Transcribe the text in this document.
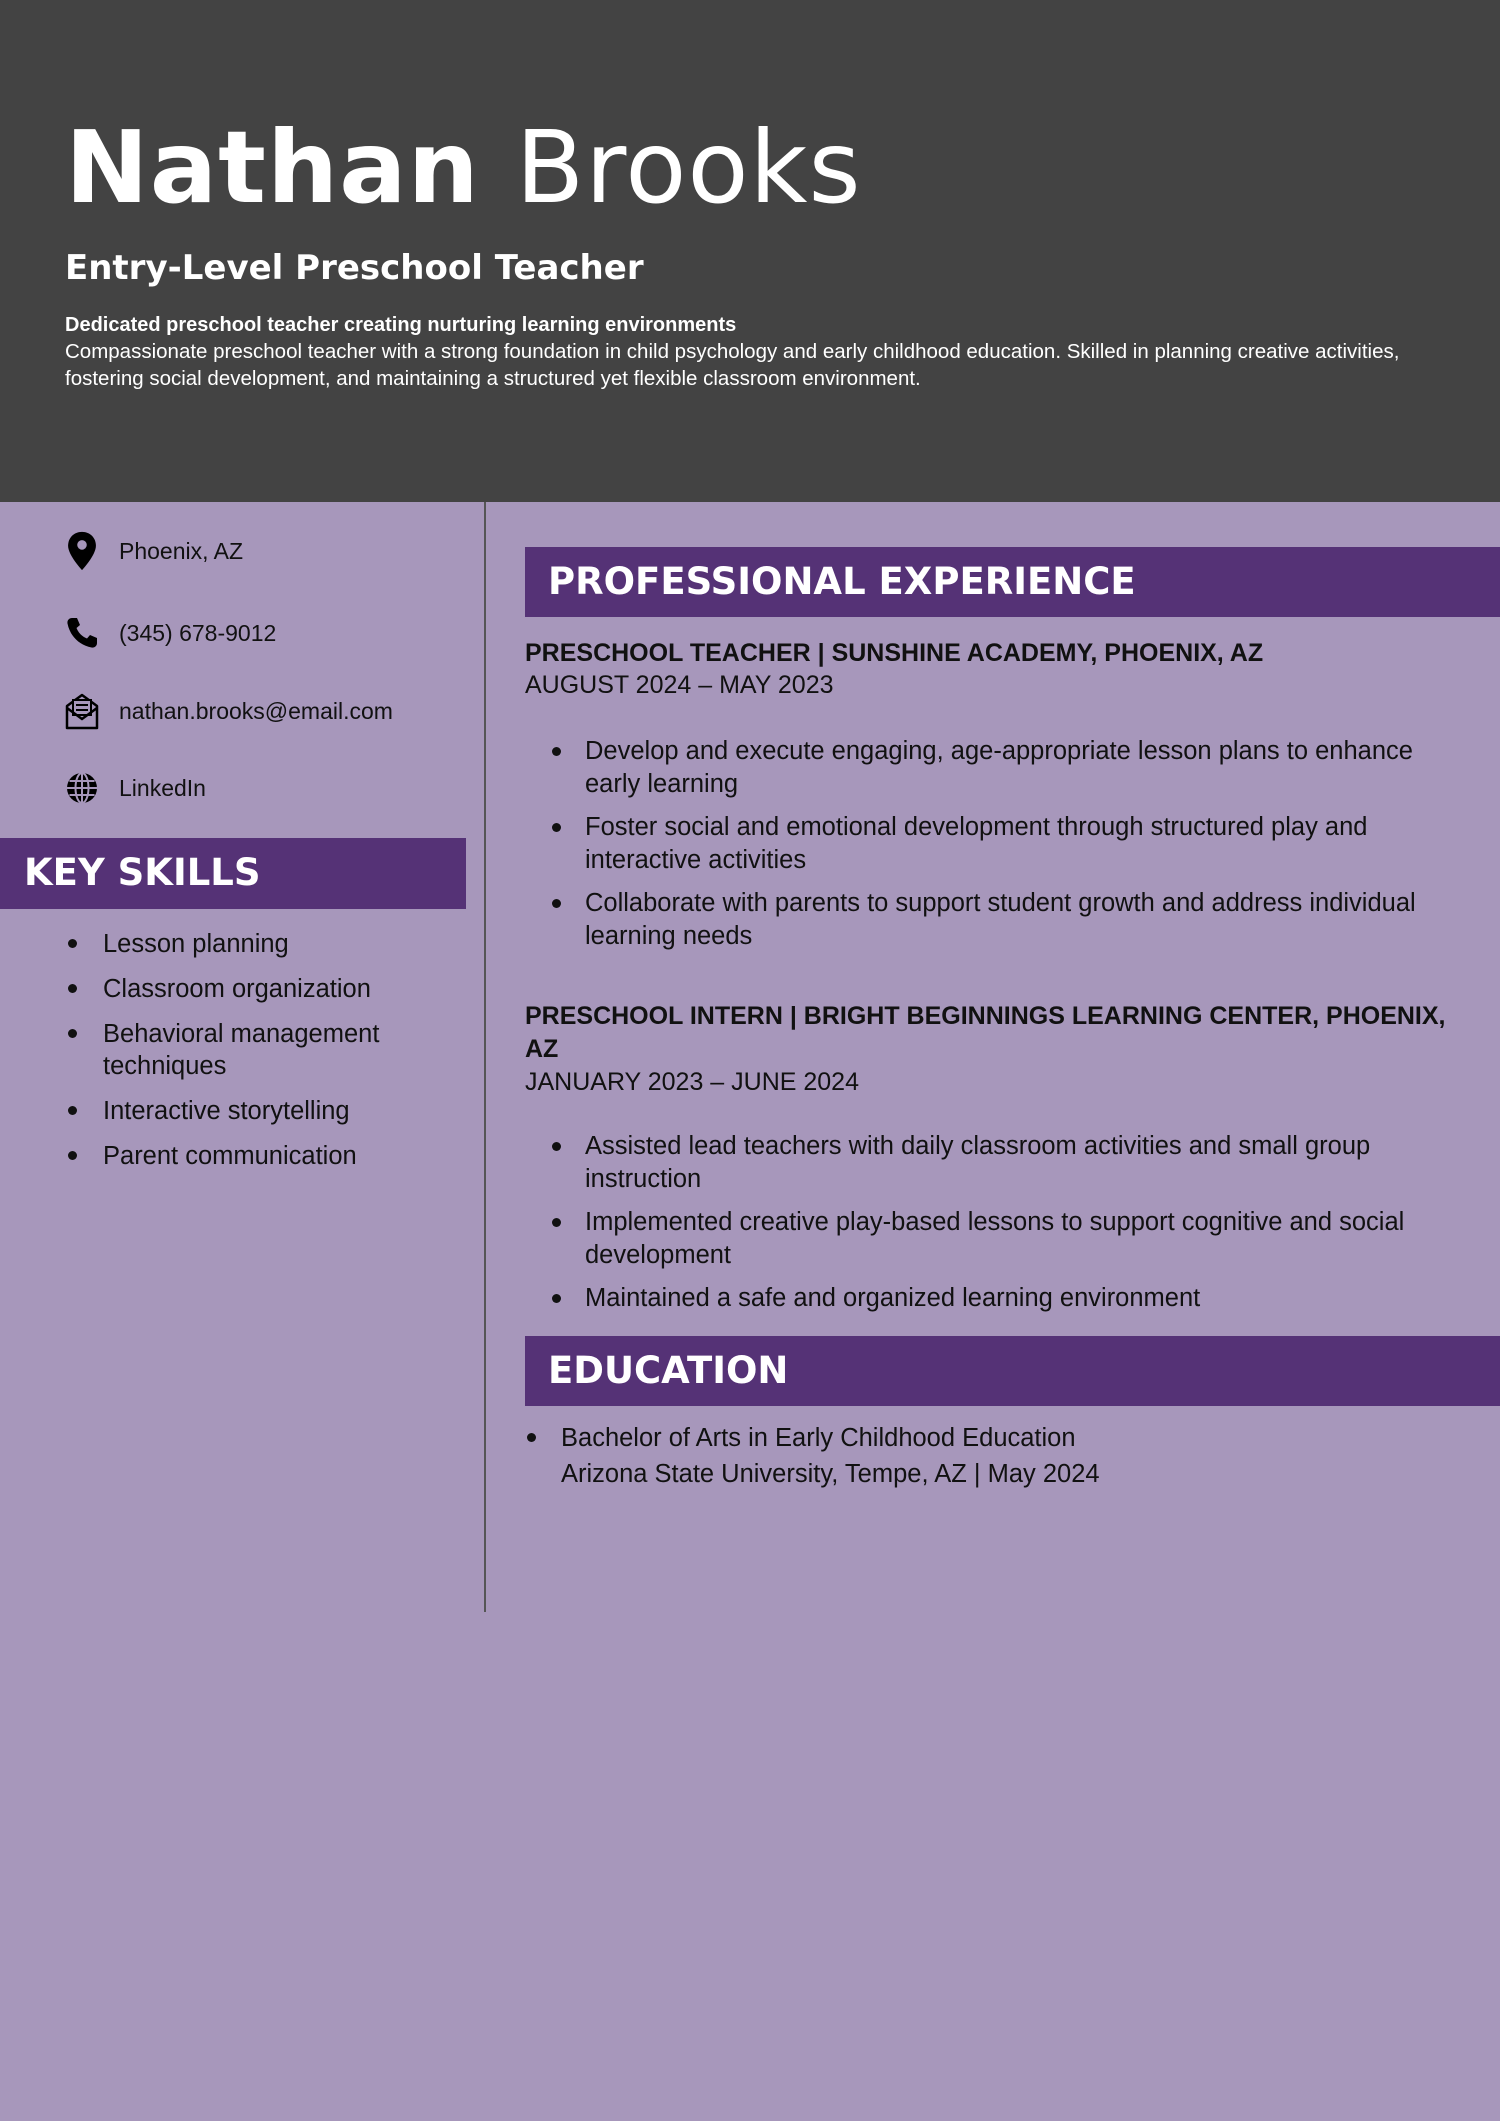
Nathan Brooks
Entry-Level Preschool Teacher
Dedicated preschool teacher creating nurturing learning environments
Compassionate preschool teacher with a strong foundation in child psychology and early childhood education. Skilled in planning creative activities, fostering social development, and maintaining a structured yet flexible classroom environment.
Phoenix, AZ
(345) 678-9012
nathan.brooks@email.com
LinkedIn
KEY SKILLS
Lesson planning
Classroom organization
Behavioral management techniques
Interactive storytelling
Parent communication
PROFESSIONAL EXPERIENCE
PRESCHOOL TEACHER | SUNSHINE ACADEMY, PHOENIX, AZ
AUGUST 2024 – MAY 2023
Develop and execute engaging, age-appropriate lesson plans to enhance early learning
Foster social and emotional development through structured play and interactive activities
Collaborate with parents to support student growth and address individual learning needs
PRESCHOOL INTERN | BRIGHT BEGINNINGS LEARNING CENTER, PHOENIX, AZ
JANUARY 2023 – JUNE 2024
Assisted lead teachers with daily classroom activities and small group instruction
Implemented creative play-based lessons to support cognitive and social development
Maintained a safe and organized learning environment
EDUCATION
Bachelor of Arts in Early Childhood Education
Arizona State University, Tempe, AZ | May 2024
